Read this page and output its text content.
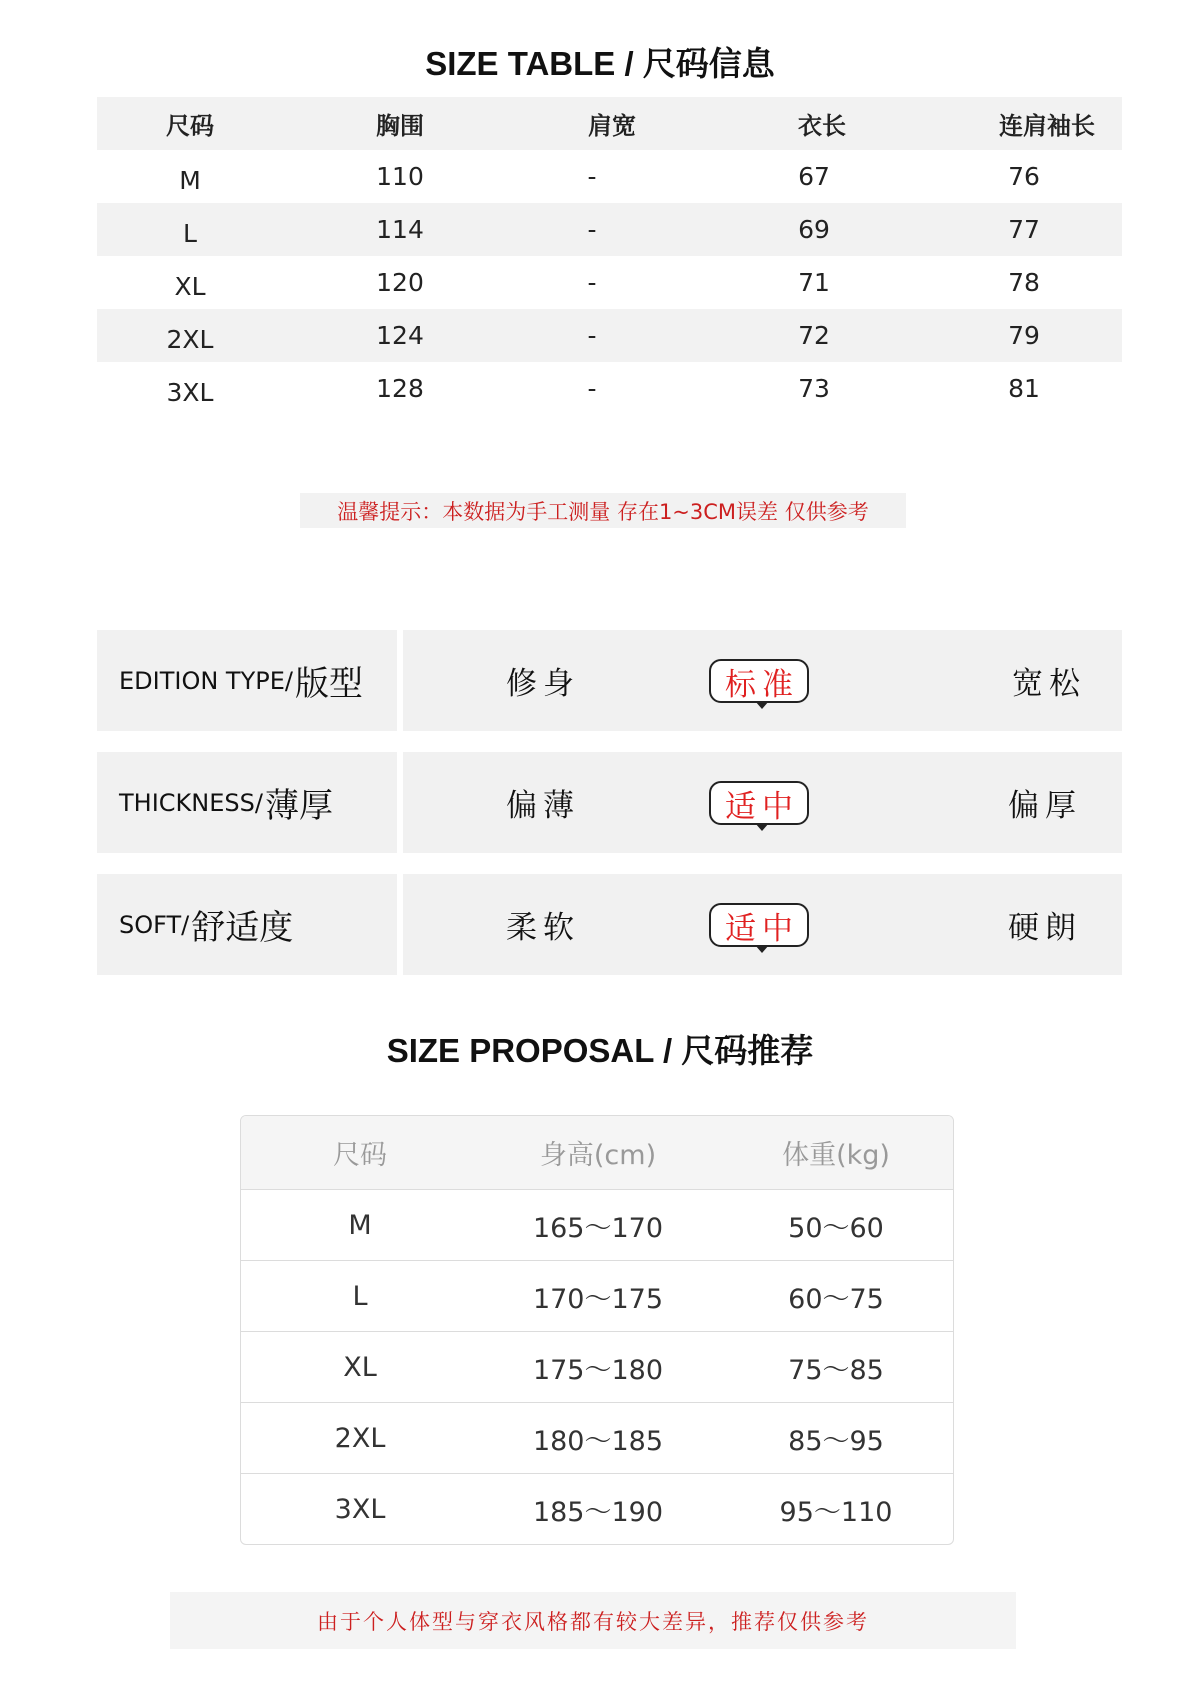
SIZE TABLE / 尺码信息
尺码	胸围	肩宽	衣长	连肩袖长
M	110	-	67	76
L	114	-	69	77
XL	120	-	71	78
2XL	124	-	72	79
3XL	128	-	73	81
温馨提示：本数据为手工测量 存在1~3CM误差 仅供参考
EDITION TYPE/ 版型	修身	标准	宽松
THICKNESS/ 薄厚	偏薄	适中	偏厚
SOFT/ 舒适度	柔软	适中	硬朗
SIZE PROPOSAL / 尺码推荐
尺码	身高(cm)	体重(kg)
M	165～170	50～60
L	170～175	60～75
XL	175～180	75～85
2XL	180～185	85～95
3XL	185～190	95～110
由于个人体型与穿衣风格都有较大差异，推荐仅供参考
